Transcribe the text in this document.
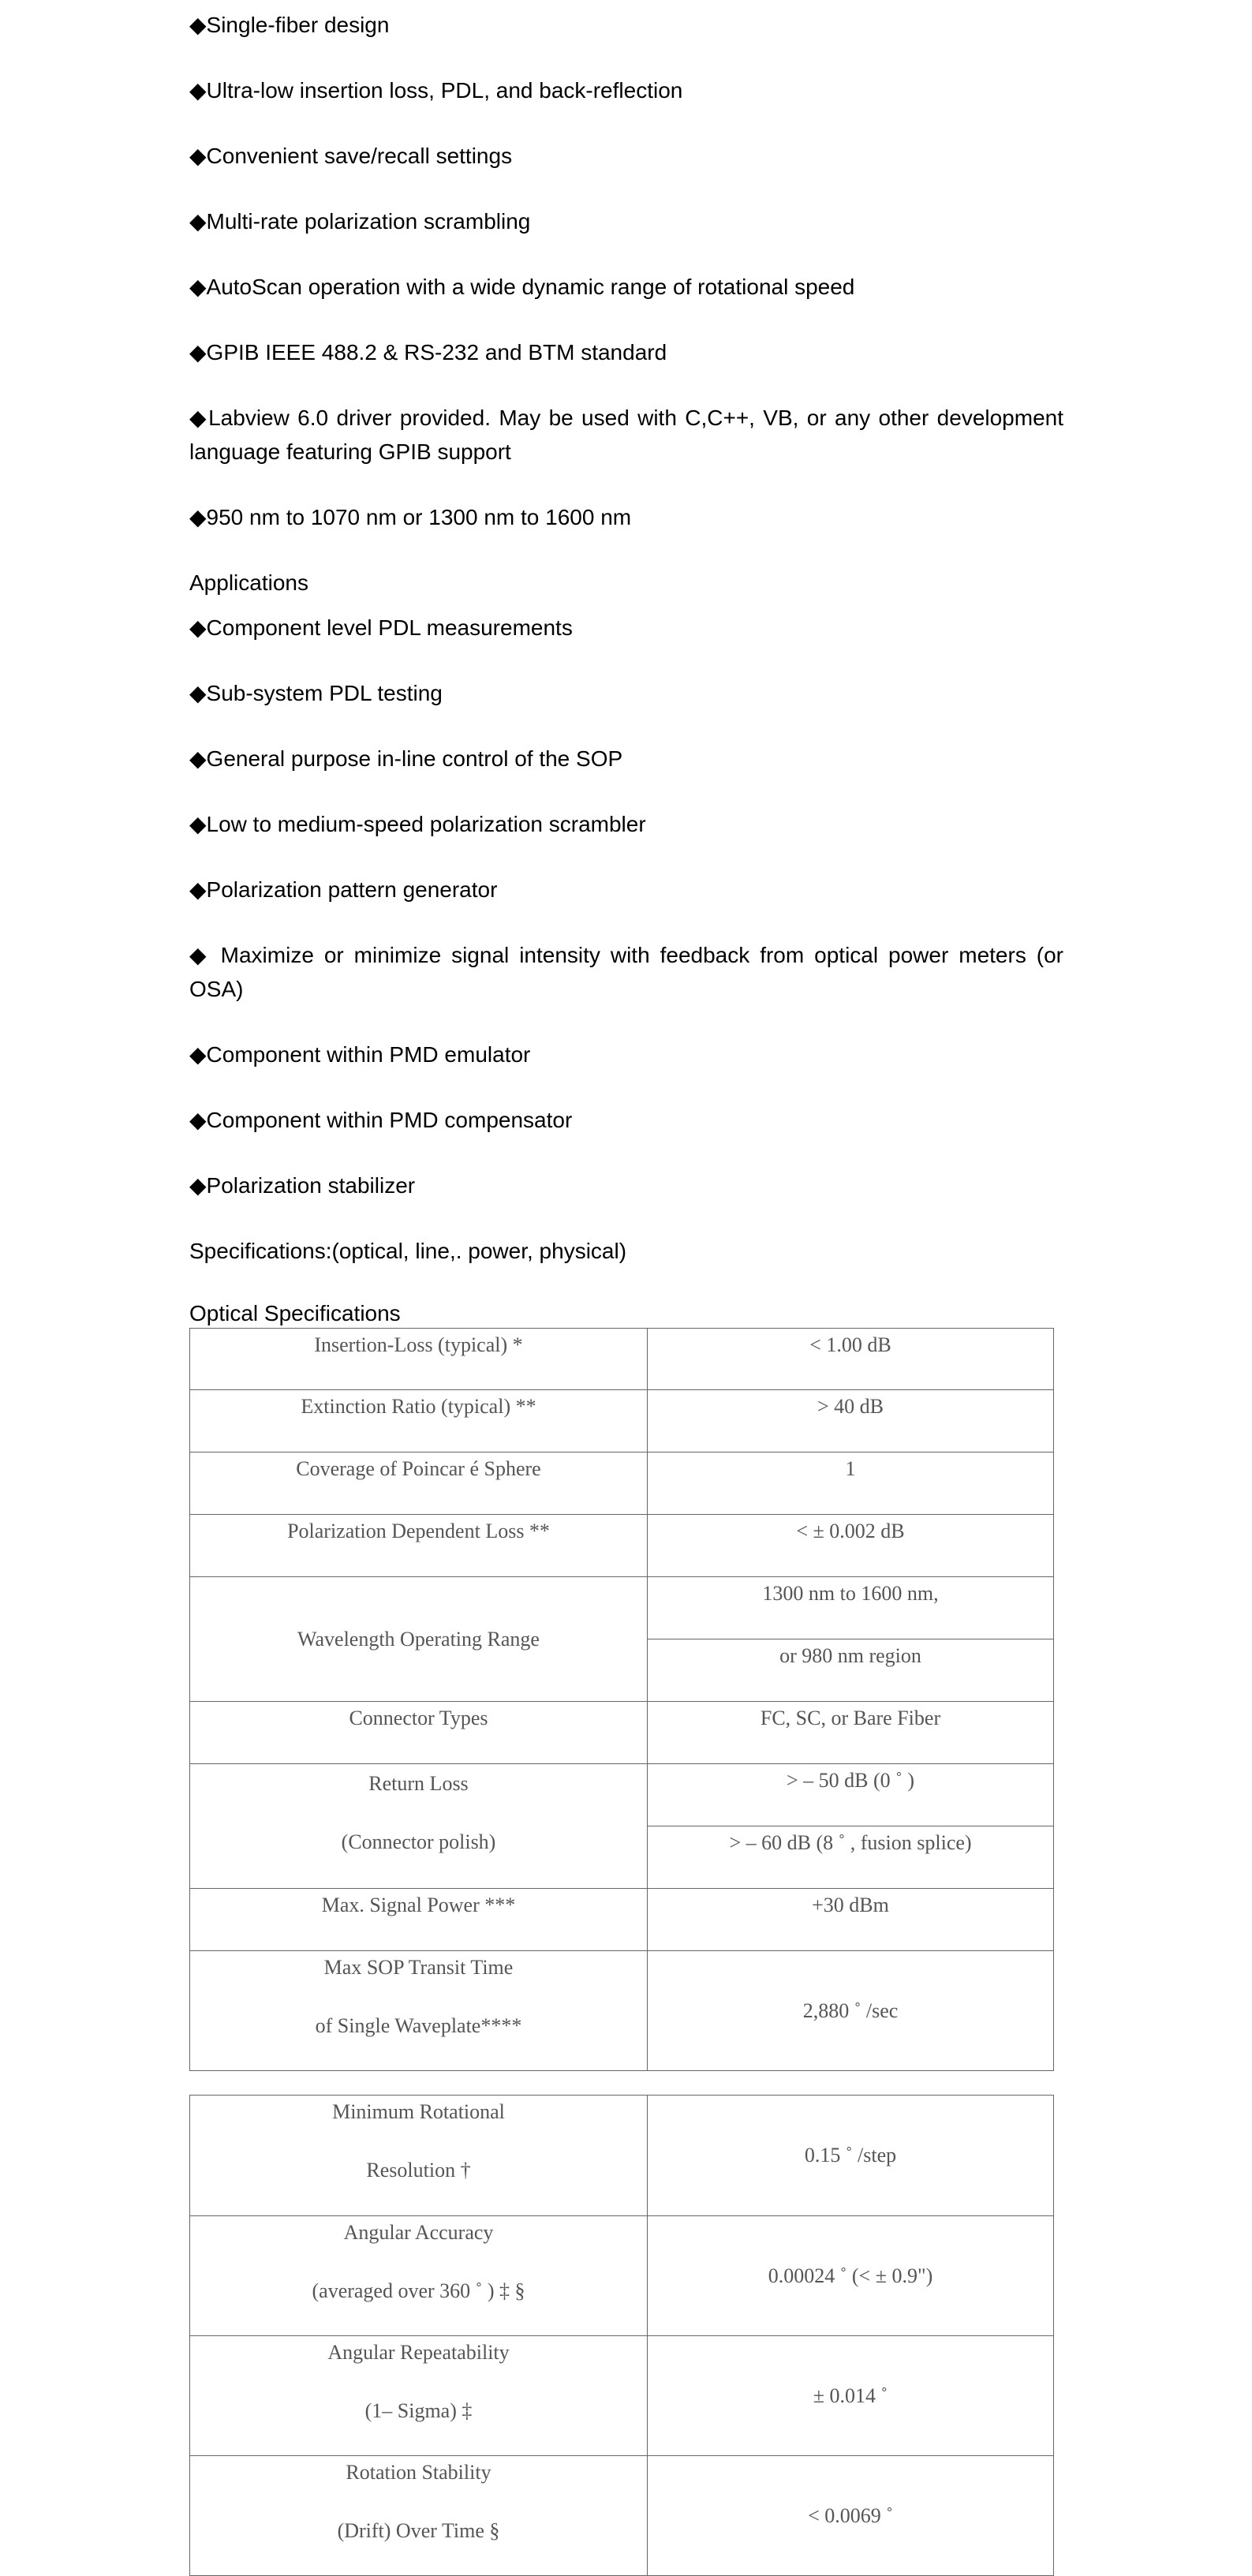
◆Single-fiber design

◆Ultra-low insertion loss, PDL, and back-reflection

◆Convenient save/recall settings

◆Multi-rate polarization scrambling

◆AutoScan operation with a wide dynamic range of rotational speed

◆GPIB IEEE 488.2 & RS-232 and BTM standard

◆Labview 6.0 driver provided. May be used with C,C++, VB, or any other development language featuring GPIB support

◆950 nm to 1070 nm or 1300 nm to 1600 nm

Applications

◆Component level PDL measurements

◆Sub-system PDL testing

◆General purpose in-line control of the SOP

◆Low to medium-speed polarization scrambler

◆Polarization pattern generator

◆ Maximize or minimize signal intensity with feedback from optical power meters (or OSA)

◆Component within PMD emulator

◆Component within PMD compensator

◆Polarization stabilizer

Specifications:(optical, line,. power, physical)

Optical Specifications

Insertion-Loss (typical) *	< 1.00 dB
Extinction Ratio (typical) **	> 40 dB
Coverage of Poincar é Sphere	1
Polarization Dependent Loss **	< ± 0.002 dB
Wavelength Operating Range	1300 nm to 1600 nm,
	or 980 nm region
Connector Types	FC, SC, or Bare Fiber
Return Loss
(Connector polish)	> – 50 dB (0 ˚ )
	> – 60 dB (8 ˚ , fusion splice)
Max. Signal Power ***	+30 dBm
Max SOP Transit Time
of Single Waveplate****	2,880 ˚ /sec
Minimum Rotational
Resolution †	0.15 ˚ /step
Angular Accuracy
(averaged over 360 ˚ ) ‡ §	0.00024 ˚ (< ± 0.9")
Angular Repeatability
(1– Sigma) ‡	± 0.014 ˚
Rotation Stability
(Drift) Over Time §	< 0.0069 ˚
